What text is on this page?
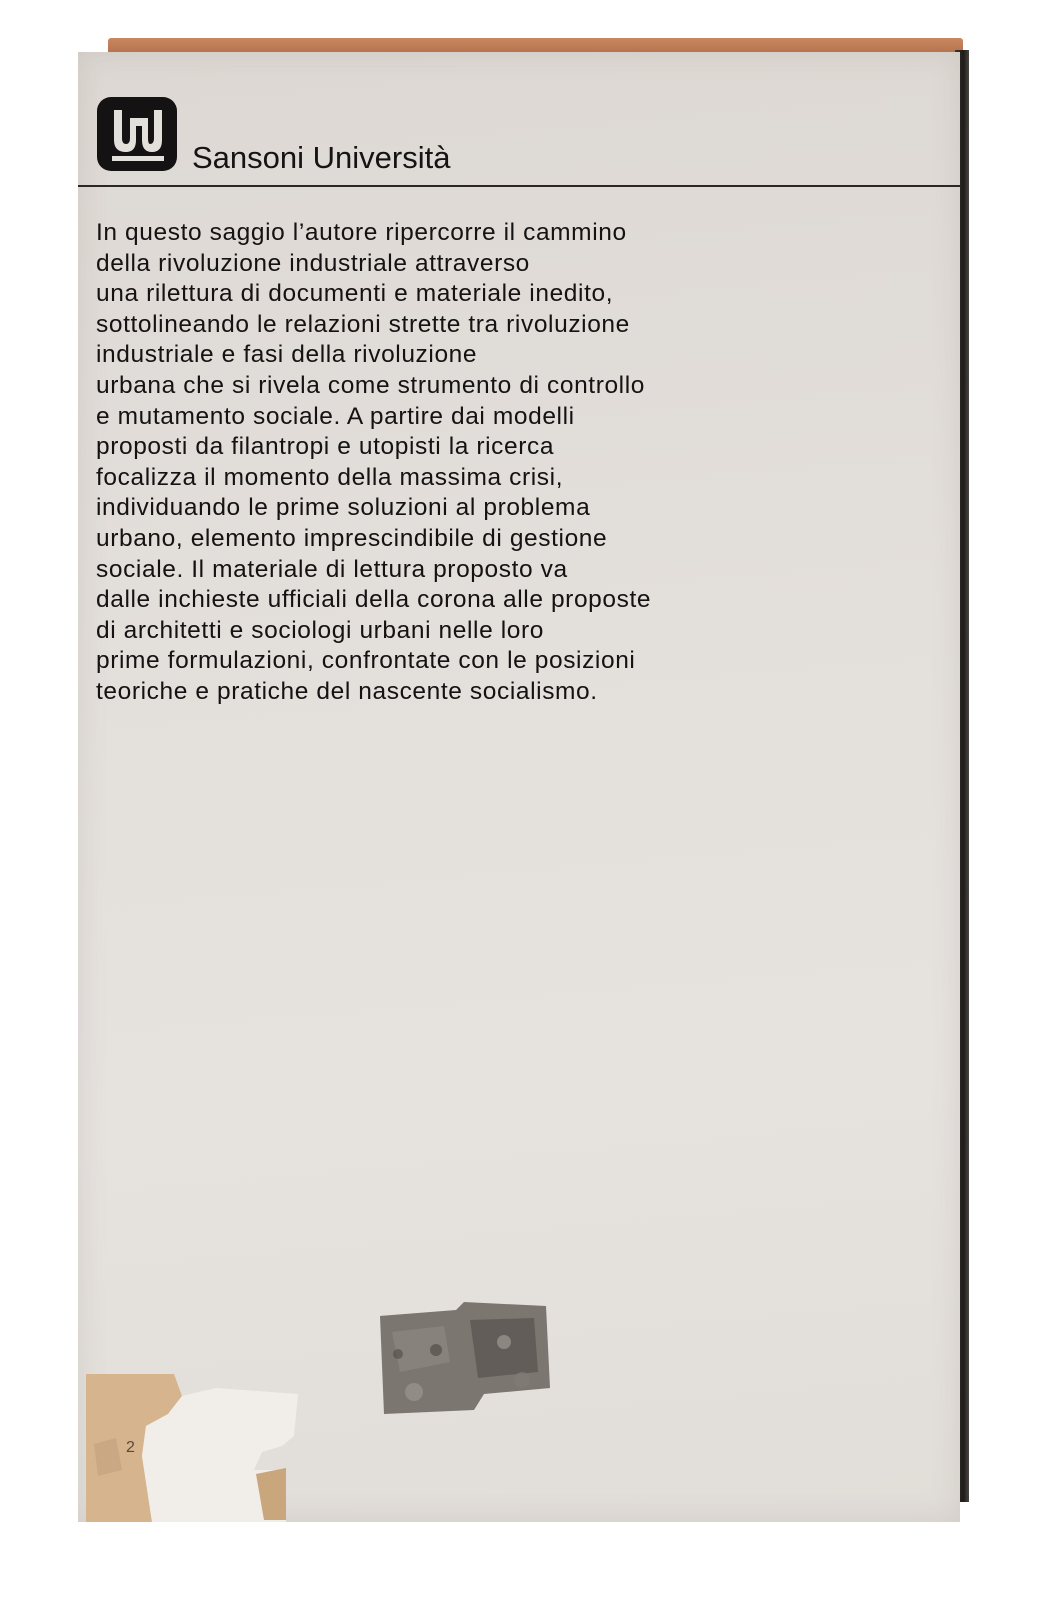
Sansoni Università
In questo saggio l’autore ripercorre il cammino
della rivoluzione industriale attraverso
una rilettura di documenti e materiale inedito,
sottolineando le relazioni strette tra rivoluzione
industriale e fasi della rivoluzione
urbana che si rivela come strumento di controllo
e mutamento sociale. A partire dai modelli
proposti da filantropi e utopisti la ricerca
focalizza il momento della massima crisi,
individuando le prime soluzioni al problema
urbano, elemento imprescindibile di gestione
sociale. Il materiale di lettura proposto va
dalle inchieste ufficiali della corona alle proposte
di architetti e sociologi urbani nelle loro
prime formulazioni, confrontate con le posizioni
teoriche e pratiche del nascente socialismo.
2
